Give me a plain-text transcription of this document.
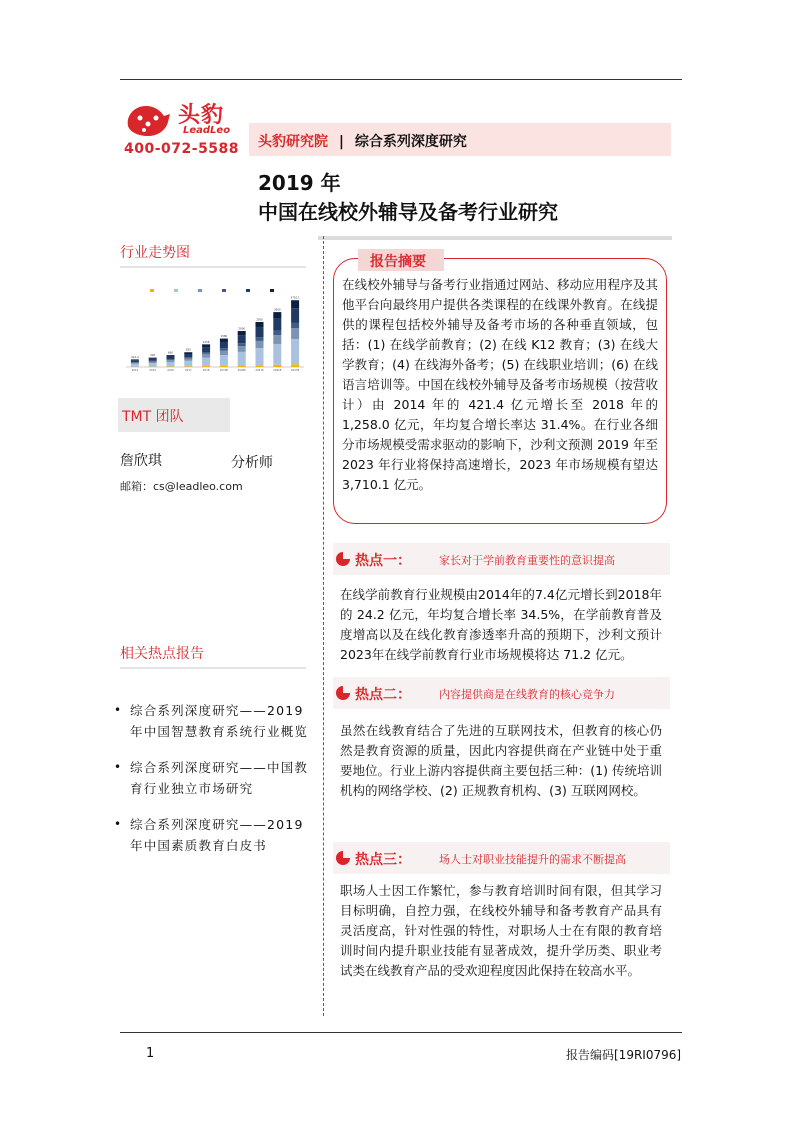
头豹
LeadLeo
400-072-5588 头豹研究院 | 综合系列深度研究
2019 年
中国在线校外辅导及备考行业研究
行业走势图
421.4
2014
520
2015
660
2016
820
2017
1258
2018
1580
2019E
2000
2020E
2500
2021E
3050
2022E
3710.1
2023E
TMT 团队
詹欣琪	分析师
邮箱：cs@leadleo.com
相关热点报告
• 综合系列深度研究——2019年中国智慧教育系统行业概览
• 综合系列深度研究——中国教育行业独立市场研究
• 综合系列深度研究——2019年中国素质教育白皮书
报告摘要
在线校外辅导与备考行业指通过网站、移动应用程序及其他平台向最终用户提供各类课程的在线课外教育。在线提供的课程包括校外辅导及备考市场的各种垂直领域，包括：(1) 在线学前教育；(2) 在线 K12 教育；(3) 在线大学教育；(4) 在线海外备考；(5) 在线职业培训；(6) 在线语言培训等。中国在线校外辅导及备考市场规模（按营收计）由 2014 年的 421.4 亿元增长至 2018 年的 1,258.0 亿元，年均复合增长率达 31.4%。在行业各细分市场规模受需求驱动的影响下，沙利文预测 2019 年至 2023 年行业将保持高速增长，2023 年市场规模有望达 3,710.1 亿元。
热点一：	家长对于学前教育重要性的意识提高
在线学前教育行业规模由2014年的7.4亿元增长到2018年的 24.2 亿元，年均复合增长率 34.5%，在学前教育普及度增高以及在线化教育渗透率升高的预期下，沙利文预计2023年在线学前教育行业市场规模将达 71.2 亿元。
热点二：	内容提供商是在线教育的核心竞争力
虽然在线教育结合了先进的互联网技术，但教育的核心仍然是教育资源的质量，因此内容提供商在产业链中处于重要地位。行业上游内容提供商主要包括三种：(1) 传统培训机构的网络学校、(2) 正规教育机构、(3) 互联网网校。
热点三：	场人士对职业技能提升的需求不断提高
职场人士因工作繁忙，参与教育培训时间有限，但其学习目标明确，自控力强，在线校外辅导和备考教育产品具有灵活度高，针对性强的特性，对职场人士在有限的教育培训时间内提升职业技能有显著成效，提升学历类、职业考试类在线教育产品的受欢迎程度因此保持在较高水平。
1	报告编码[19RI0796]
